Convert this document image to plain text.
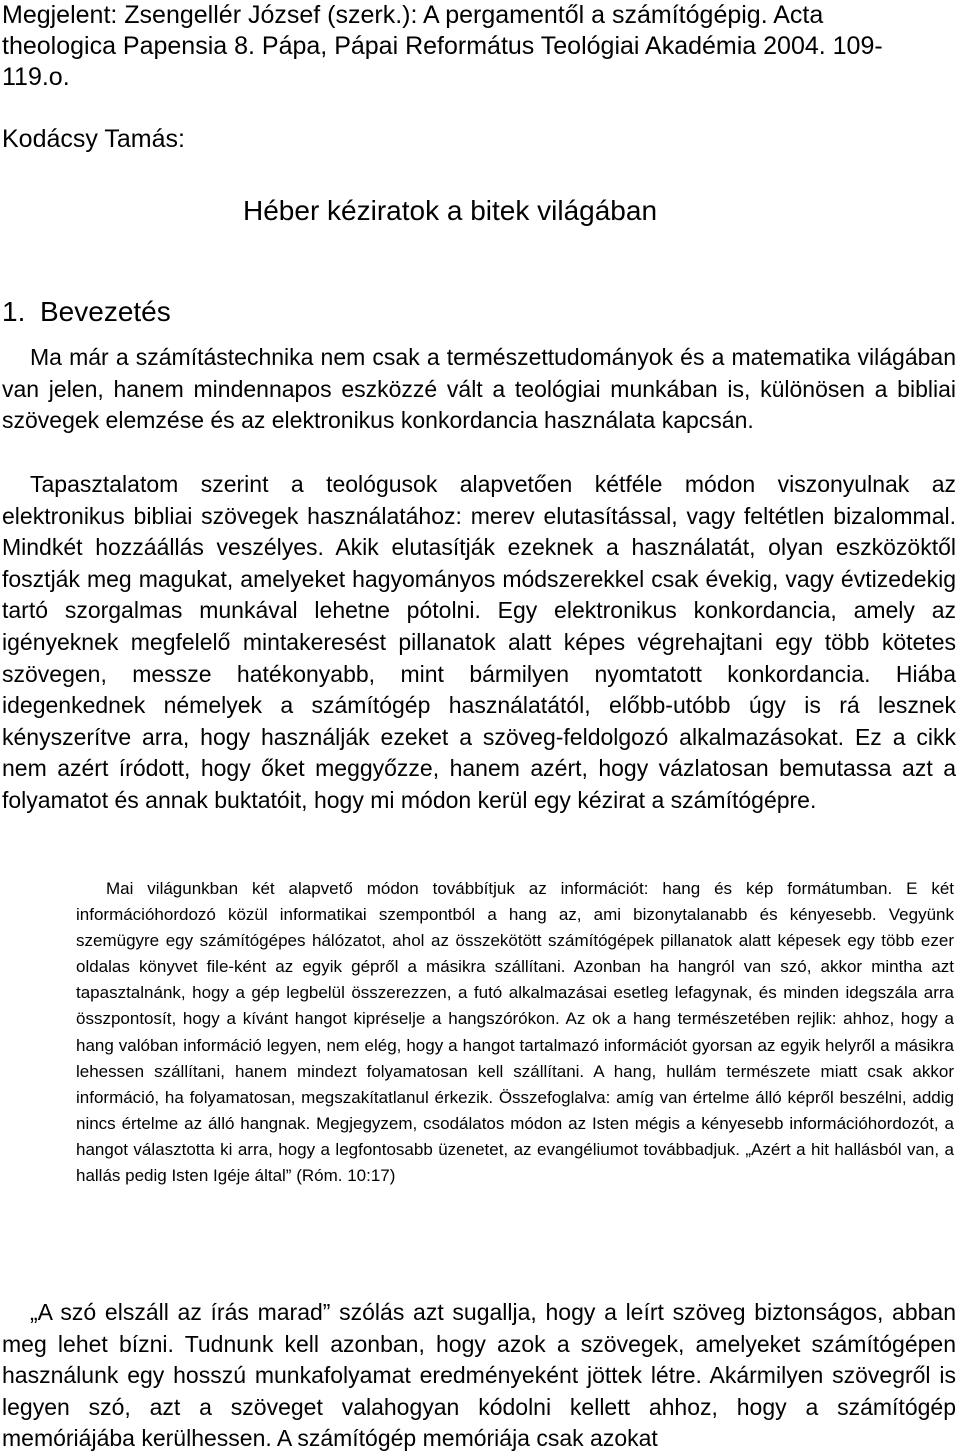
Megjelent: Zsengellér József (szerk.): A pergamentől a számítógépig. Acta theologica Papensia 8. Pápa, Pápai Református Teológiai Akadémia 2004. 109-119.o.

Kodácsy Tamás:

Héber kéziratok a bitek világában
1. Bevezetés

Ma már a számítástechnika nem csak a természettudományok és a matematika világában van jelen, hanem mindennapos eszközzé vált a teológiai munkában is, különösen a bibliai szövegek elemzése és az elektronikus konkordancia használata kapcsán.

Tapasztalatom szerint a teológusok alapvetően kétféle módon viszonyulnak az elektronikus bibliai szövegek használatához: merev elutasítással, vagy feltétlen bizalommal. Mindkét hozzáállás veszélyes. Akik elutasítják ezeknek a használatát, olyan eszközöktől fosztják meg magukat, amelyeket hagyományos módszerekkel csak évekig, vagy évtizedekig tartó szorgalmas munkával lehetne pótolni. Egy elektronikus konkordancia, amely az igényeknek megfelelő mintakeresést pillanatok alatt képes végrehajtani egy több kötetes szövegen, messze hatékonyabb, mint bármilyen nyomtatott konkordancia. Hiába idegenkednek némelyek a számítógép használatától, előbb-utóbb úgy is rá lesznek kényszerítve arra, hogy használják ezeket a szöveg-feldolgozó alkalmazásokat. Ez a cikk nem azért íródott, hogy őket meggyőzze, hanem azért, hogy vázlatosan bemutassa azt a folyamatot és annak buktatóit, hogy mi módon kerül egy kézirat a számítógépre.

Mai világunkban két alapvető módon továbbítjuk az információt: hang és kép formátumban. E két információhordozó közül informatikai szempontból a hang az, ami bizonytalanabb és kényesebb. Vegyünk szemügyre egy számítógépes hálózatot, ahol az összekötött számítógépek pillanatok alatt képesek egy több ezer oldalas könyvet file-ként az egyik gépről a másikra szállítani. Azonban ha hangról van szó, akkor mintha azt tapasztalnánk, hogy a gép legbelül összerezzen, a futó alkalmazásai esetleg lefagynak, és minden idegszála arra összpontosít, hogy a kívánt hangot kipréselje a hangszórókon. Az ok a hang természetében rejlik: ahhoz, hogy a hang valóban információ legyen, nem elég, hogy a hangot tartalmazó információt gyorsan az egyik helyről a másikra lehessen szállítani, hanem mindezt folyamatosan kell szállítani. A hang, hullám természete miatt csak akkor információ, ha folyamatosan, megszakítatlanul érkezik. Összefoglalva: amíg van értelme álló képről beszélni, addig nincs értelme az álló hangnak. Megjegyzem, csodálatos módon az Isten mégis a kényesebb információhordozót, a hangot választotta ki arra, hogy a legfontosabb üzenetet, az evangéliumot továbbadjuk. „Azért a hit hallásból van, a hallás pedig Isten Igéje által” (Róm. 10:17)

„A szó elszáll az írás marad” szólás azt sugallja, hogy a leírt szöveg biztonságos, abban meg lehet bízni. Tudnunk kell azonban, hogy azok a szövegek, amelyeket számítógépen használunk egy hosszú munkafolyamat eredményeként jöttek létre. Akármilyen szövegről is legyen szó, azt a szöveget valahogyan kódolni kellett ahhoz, hogy a számítógép memóriájába kerülhessen. A számítógép memóriája csak azokat
